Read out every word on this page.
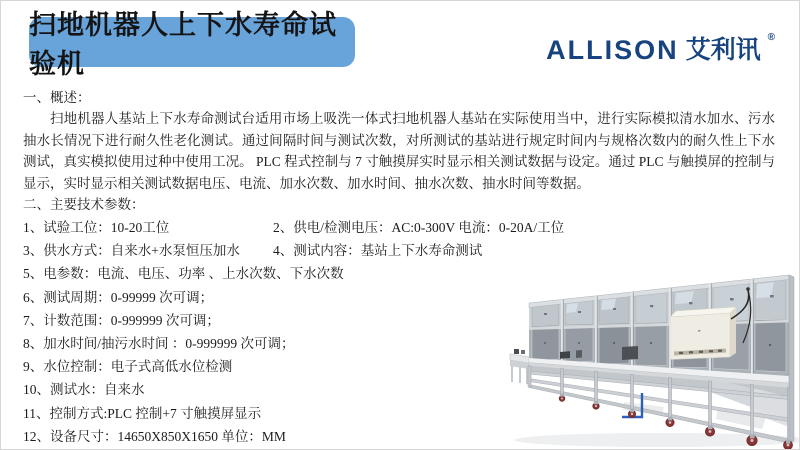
扫地机器人上下水寿命试验机	ALLISON 艾利讯 ®
一、概述：

扫地机器人基站上下水寿命测试台适用市场上吸洗一体式扫地机器人基站在实际使用当中，进行实际模拟清水加水、污水抽水长情况下进行耐久性老化测试。通过间隔时间与测试次数，对所测试的基站进行规定时间内与规格次数内的耐久性上下水测试，真实模拟使用过种中使用工况。 PLC 程式控制与 7 寸触摸屏实时显示相关测试数据与设定。通过 PLC 与触摸屏的控制与显示，实时显示相关测试数据电压、电流、加水次数、加水时间、抽水次数、抽水时间等数据。

二、主要技术参数：
1、试验工位：10-20工位	2、供电/检测电压：AC:0-300V 电流：0-20A/工位
3、供水方式：自来水+水泵恒压加水	4、测试内容：基站上下水寿命测试
5、电参数：电流、电压、功率 、上水次数、下水次数
6、测试周期：0-99999 次可调；
7、计数范围：0-999999 次可调；
8、加水时间/抽污水时间 ：0-999999 次可调；
9、水位控制：电子式高低水位检测
10、测试水：自来水
11、控制方式:PLC 控制+7 寸触摸屏显示
12、设备尺寸：14650X850X1650 单位：MM
